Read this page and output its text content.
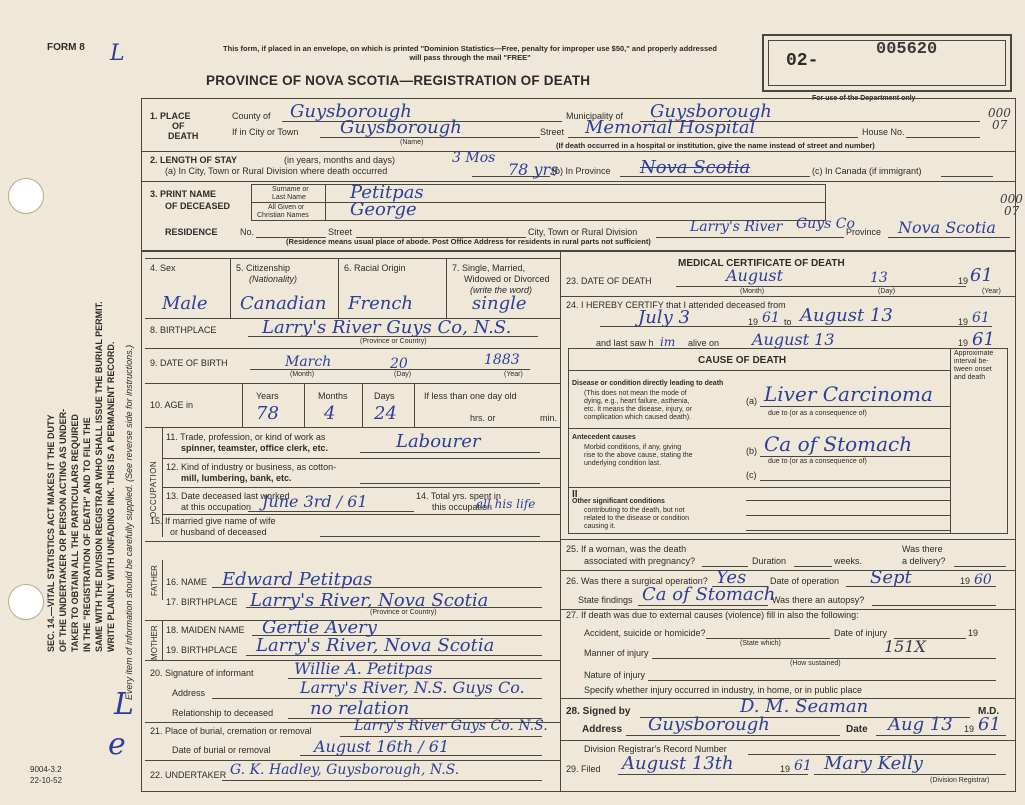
FORM 8 L	This form, if placed in an envelope, on which is printed "Dominion Statistics—Free, penalty for improper use $50," and properly addressed will pass through the mail "FREE"
PROVINCE OF NOVA SCOTIA—REGISTRATION OF DEATH
02-
005620
For use of the Department only
000
07
000
07
SEC. 14.—VITAL STATISTICS ACT MAKES IT THE DUTY OF THE UNDERTAKER OR PERSON ACTING AS UNDER- TAKER TO OBTAIN ALL THE PARTICULARS REQUIRED IN THE "REGISTRATION OF DEATH" AND TO FILE THE SAME WITH THE DIVISION REGISTRAR WHO SHALL ISSUE THE BURIAL PERMIT. WRITE PLAINLY WITH UNFADING INK. THIS IS A PERMANENT RECORD. Every item of information should be carefully supplied. (See reverse side for instructions.)
L
e
9004-3.2
22-10-52
1. PLACE
OF
DEATH
County of Guysborough	Municipality of Guysborough
If in City or Town Guysborough
(Name)
Street Memorial Hospital	House No.
(If death occurred in a hospital or institution, give the name instead of street and number)
2. LENGTH OF STAY	(in years, months and days)	3 Mos
(a) In City, Town or Rural Division where death occurred	78 yrs
(b) In Province Nova Scotia	(c) In Canada (if immigrant)
3. PRINT NAME
OF DECEASED
Surname or
Last Name
All Given or
Christian Names
Petitpas
George
RESIDENCE No.	Street	City, Town or Rural Division	Larry's River Guys Co
Province Nova Scotia
(Residence means usual place of abode. Post Office Address for residents in rural parts not sufficient)
4. Sex	5. Citizenship
(Nationality)
6. Racial Origin	7. Single, Married,
Widowed or Divorced
(write the word)
Male Canadian French	single
8. BIRTHPLACE	Larry's River Guys Co, N.S.
(Province or Country)
9. DATE OF BIRTH	March	20	1883
(Month)	(Day)	(Year)
10. AGE in
Years	Months	Days
78	4 24
If less than one day old
hrs. or	min.
OCCUPATION
11. Trade, profession, or kind of work as
spinner, teamster, office clerk, etc.	Labourer
12. Kind of industry or business, as cotton-
mill, lumbering, bank, etc.
13. Date deceased last worked
at this occupation June 3rd / 61	14. Total yrs. spent in
this occupation
all his life
15. If married give name of wife
or husband of deceased
FATHER 16. NAME Edward Petitpas
17. BIRTHPLACE Larry's River, Nova Scotia
(Province or Country)
MOTHER 18. MAIDEN NAME Gertie Avery
19. BIRTHPLACE Larry's River, Nova Scotia
20. Signature of informant	Willie A. Petitpas
Address	Larry's River, N.S. Guys Co.
Relationship to deceased no relation
21. Place of burial, cremation or removal	Larry's River Guys Co. N.S.
Date of burial or removal	August 16th / 61
22. UNDERTAKER G. K. Hadley, Guysborough, N.S.
MEDICAL CERTIFICATE OF DEATH
23. DATE OF DEATH	August	13	19 61
(Month)	(Day)	(Year)
24. I HEREBY CERTIFY that I attended deceased from
July 3	19 61 to August 13	19 61
and last saw h im alive on August 13	19 61
CAUSE OF DEATH
Approximate
interval be-
tween onset
and death
Disease or condition directly leading to death
(This does not mean the mode of
dying, e.g., heart failure, asthenia,
etc. It means the disease, injury, or
complication which caused death).
(a) Liver Carcinoma
due to (or as a consequence of)
Antecedent causes
Morbid conditions, if any, giving
rise to the above cause, stating the
underlying condition last.
(b) Ca of Stomach
due to (or as a consequence of)
(c)
II
Other significant conditions
contributing to the death, but not
related to the disease or condition
causing it.
25. If a woman, was the death
associated with pregnancy?	Duration	weeks.
Was there
a delivery?
26. Was there a surgical operation? Yes	Date of operation Sept	19 60
State findings Ca of Stomach
Was there an autopsy?
27. If death was due to external causes (violence) fill in also the following:
Accident, suicide or homicide?
(State which)
Date of injury	19
Manner of injury	151X
(How sustained)
Nature of injury
Specify whether injury occurred in industry, in home, or in public place
28. Signed by	D. M. Seaman	M.D.
Address Guysborough	Date Aug 13 19 61
Division Registrar's Record Number
29. Filed August 13th	19 61 Mary Kelly
(Division Registrar)
